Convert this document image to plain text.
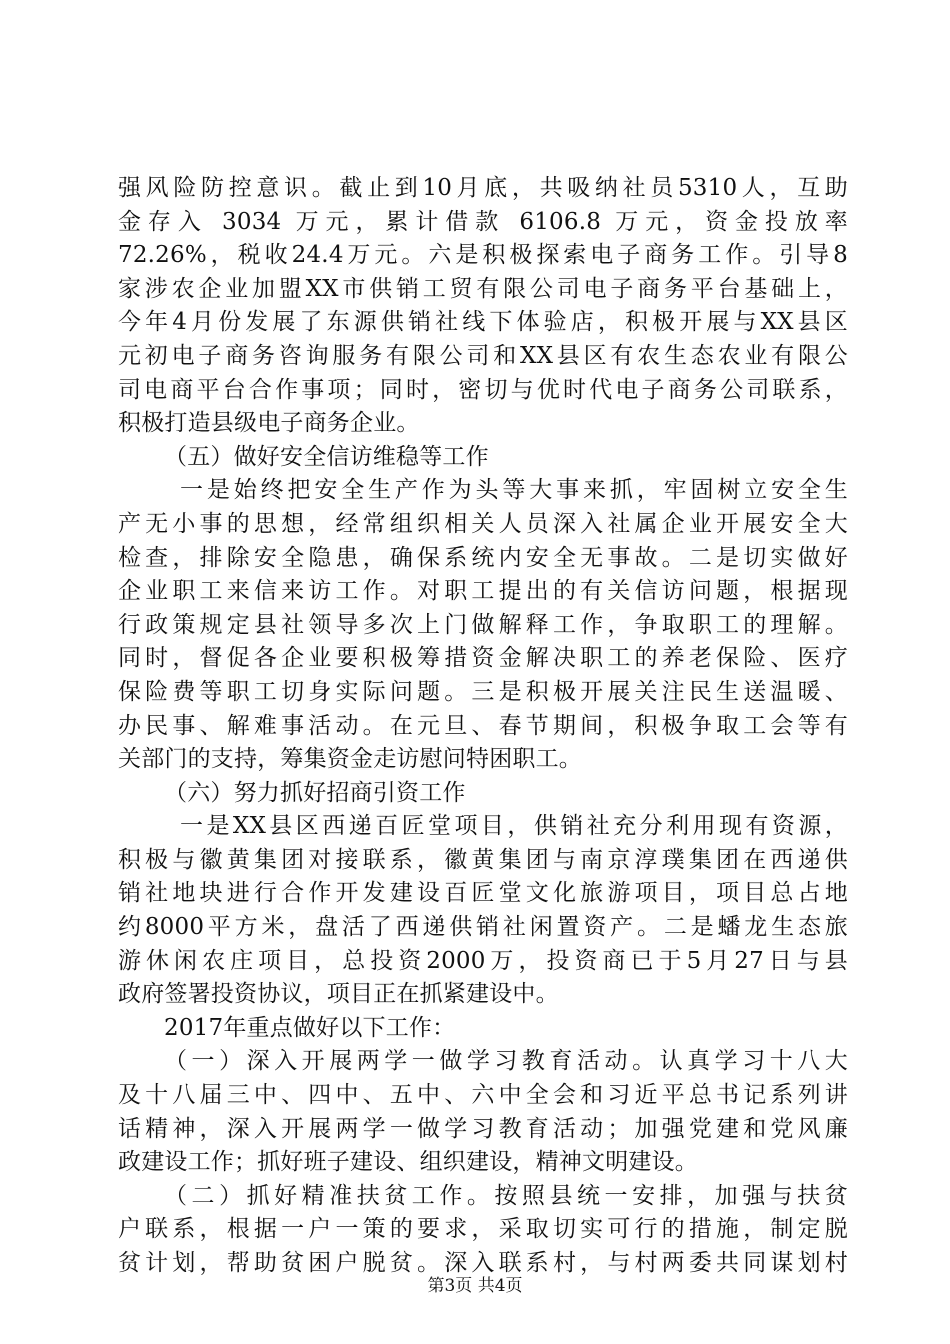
强风险防控意识。截止到10月底，共吸纳社员5310人，互助
金存入 3034 万元，累计借款 6106.8 万元，资金投放率
72.26%，税收24.4万元。六是积极探索电子商务工作。引导8
家涉农企业加盟XX市供销工贸有限公司电子商务平台基础上，
今年4月份发展了东源供销社线下体验店，积极开展与XX县区
元初电子商务咨询服务有限公司和XX县区有农生态农业有限公
司电商平台合作事项；同时，密切与优时代电子商务公司联系，
积极打造县级电子商务企业。
（五）做好安全信访维稳等工作
一是始终把安全生产作为头等大事来抓，牢固树立安全生
产无小事的思想，经常组织相关人员深入社属企业开展安全大
检查，排除安全隐患，确保系统内安全无事故。二是切实做好
企业职工来信来访工作。对职工提出的有关信访问题，根据现
行政策规定县社领导多次上门做解释工作，争取职工的理解。
同时，督促各企业要积极筹措资金解决职工的养老保险、医疗
保险费等职工切身实际问题。三是积极开展关注民生送温暖、
办民事、解难事活动。在元旦、春节期间，积极争取工会等有
关部门的支持，筹集资金走访慰问特困职工。
（六）努力抓好招商引资工作
一是XX县区西递百匠堂项目，供销社充分利用现有资源，
积极与徽黄集团对接联系，徽黄集团与南京淳璞集团在西递供
销社地块进行合作开发建设百匠堂文化旅游项目，项目总占地
约8000平方米，盘活了西递供销社闲置资产。二是蟠龙生态旅
游休闲农庄项目，总投资2000万，投资商已于5月27日与县
政府签署投资协议，项目正在抓紧建设中。
2017年重点做好以下工作：
（一）深入开展两学一做学习教育活动。认真学习十八大
及十八届三中、四中、五中、六中全会和习近平总书记系列讲
话精神，深入开展两学一做学习教育活动；加强党建和党风廉
政建设工作；抓好班子建设、组织建设，精神文明建设。
（二）抓好精准扶贫工作。按照县统一安排，加强与扶贫
户联系，根据一户一策的要求，采取切实可行的措施，制定脱
贫计划，帮助贫困户脱贫。深入联系村，与村两委共同谋划村
第3页 共4页
